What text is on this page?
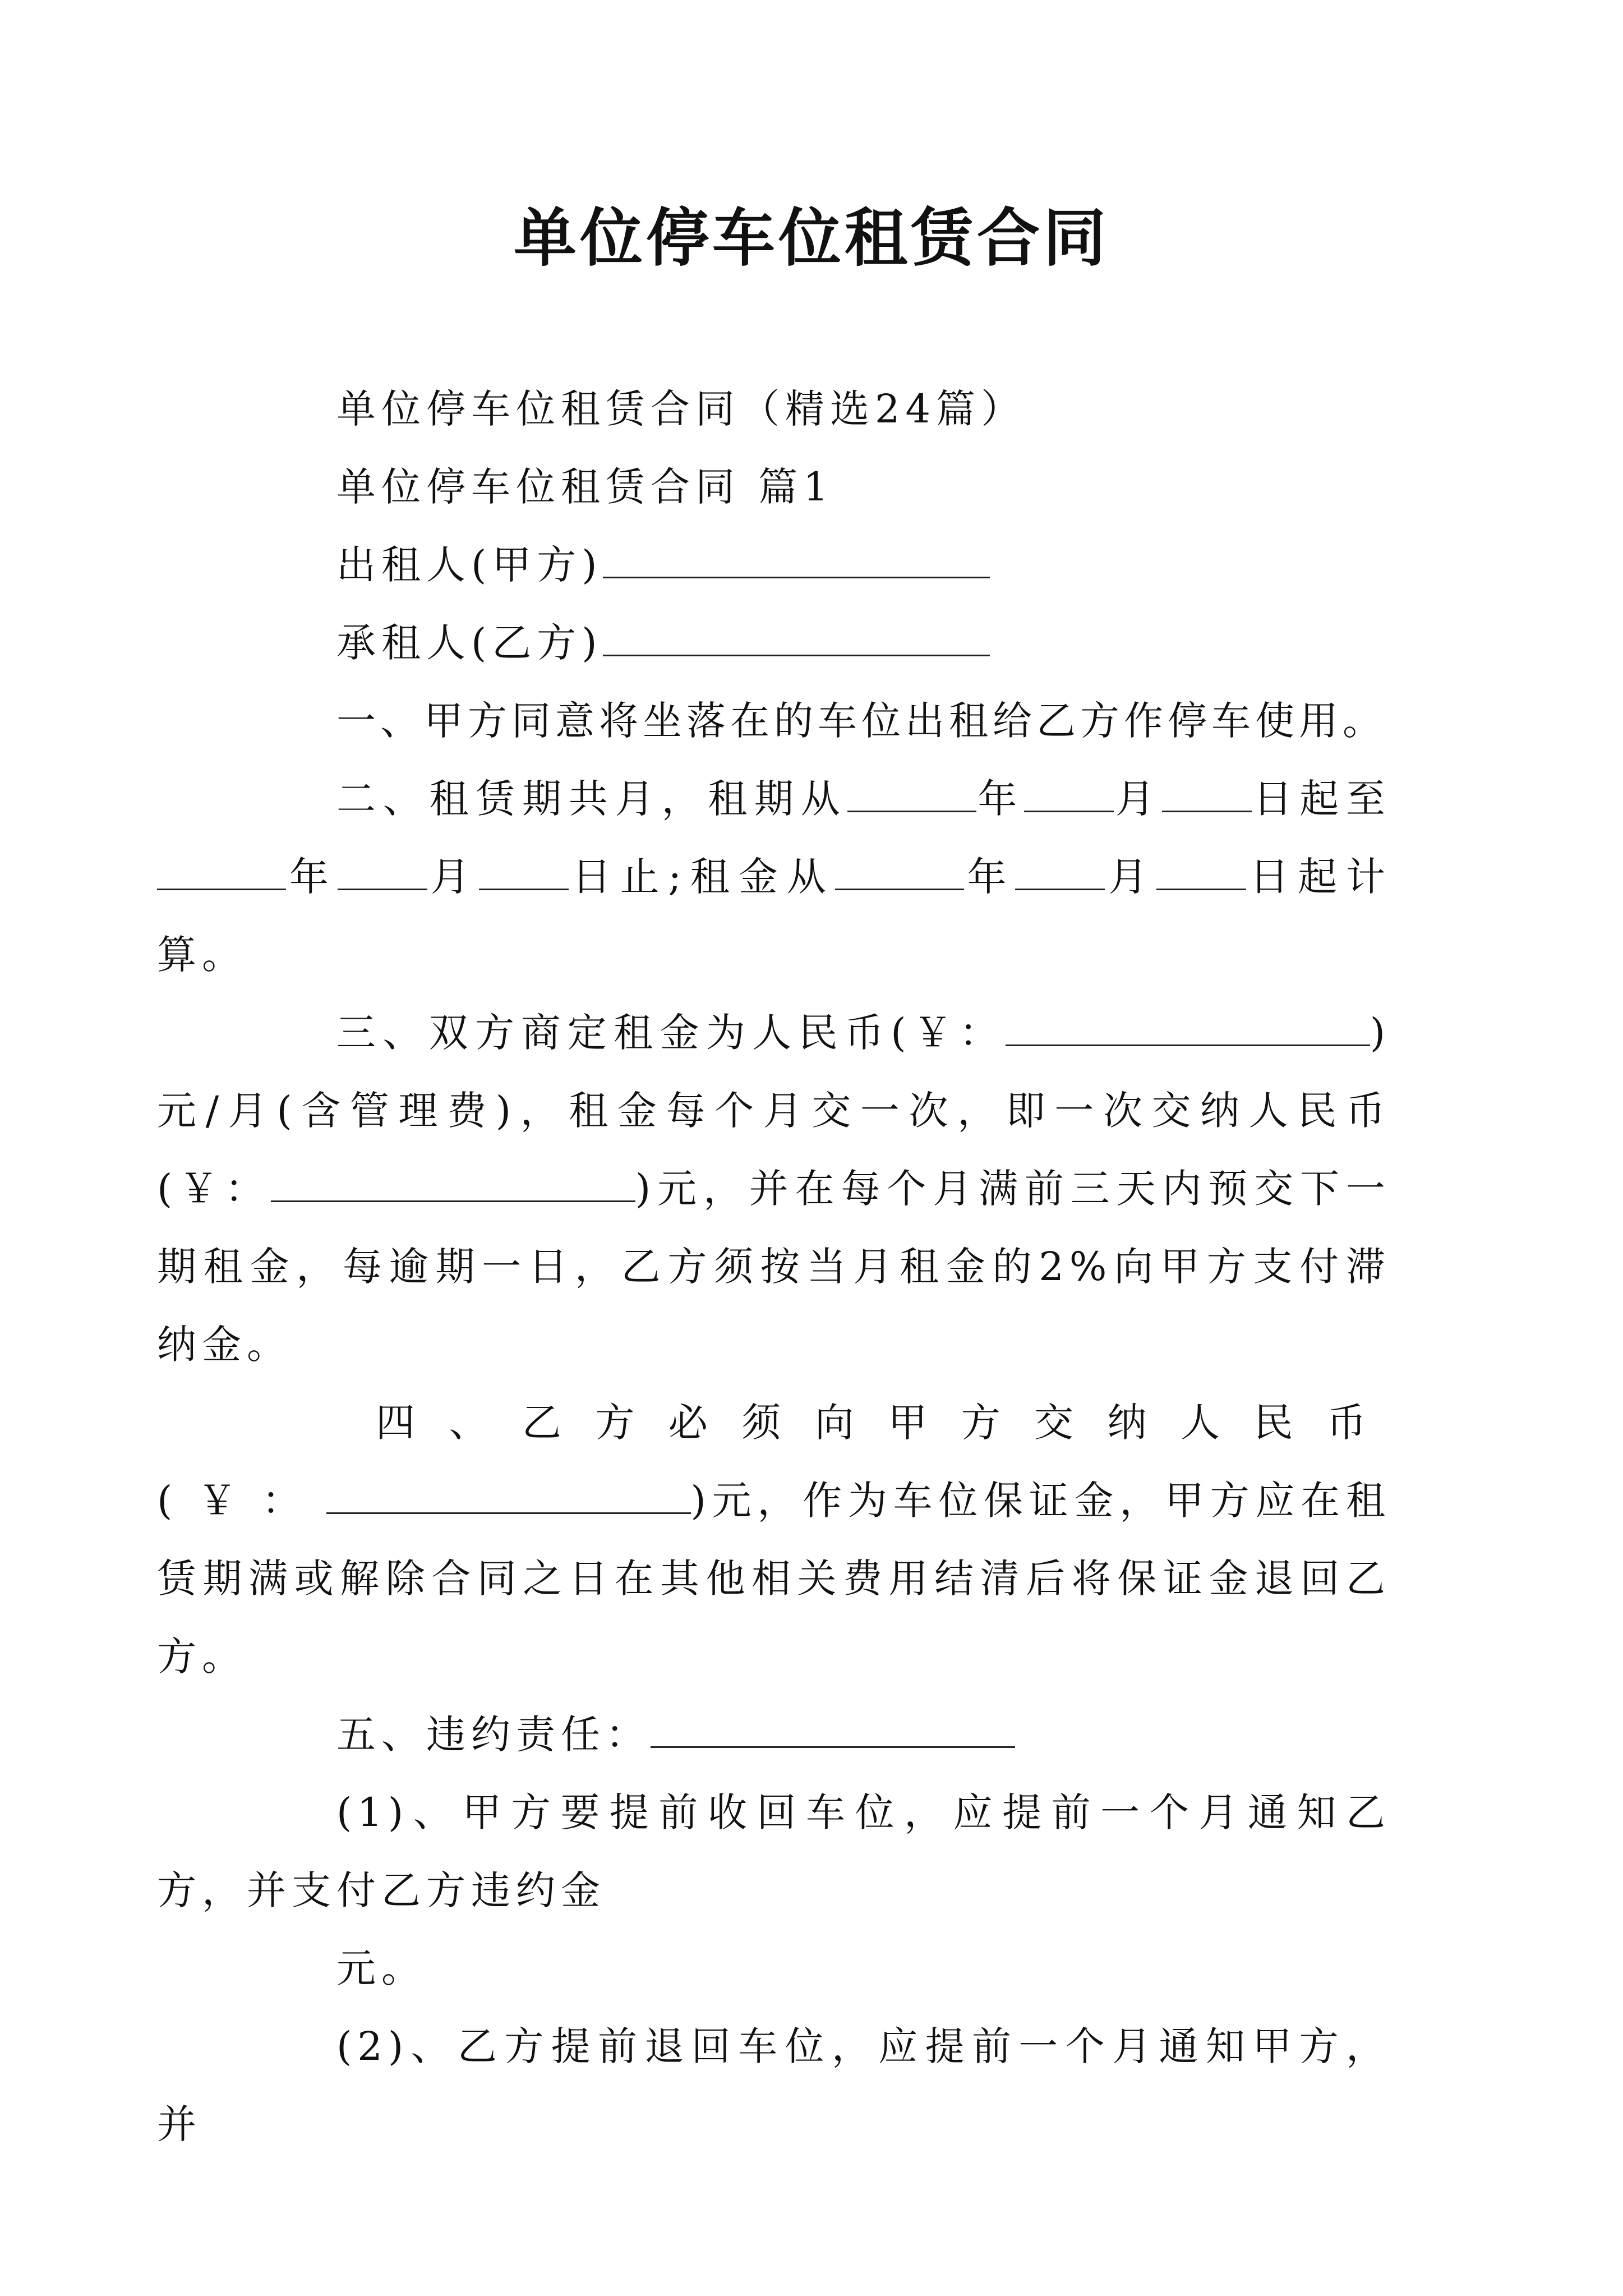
单位停车位租赁合同

单位停车位租赁合同（精选24篇）

单位停车位租赁合同 篇1

出租人(甲方)

承租人(乙方)

一、甲方同意将坐落在的车位出租给乙方作停车使用。

二、租赁期共月，租期从	年 月 日起至年 月 日止;租金从	年 月 日起计算。

三、双方商定租金为人民币(￥：	)元/月(含管理费)，租金每个月交一次，即一次交纳人民币(￥：	)元，并在每个月满前三天内预交下一期租金，每逾期一日，乙方须按当月租金的2%向甲方支付滞纳金。

四、乙方必须向甲方交纳人民币(￥：	)元，作为车位保证金，甲方应在租赁期满或解除合同之日在其他相关费用结清后将保证金退回乙方。

五、违约责任：

(1)、甲方要提前收回车位，应提前一个月通知乙方，并支付乙方违约金

元。

(2)、乙方提前退回车位，应提前一个月通知甲方，并
